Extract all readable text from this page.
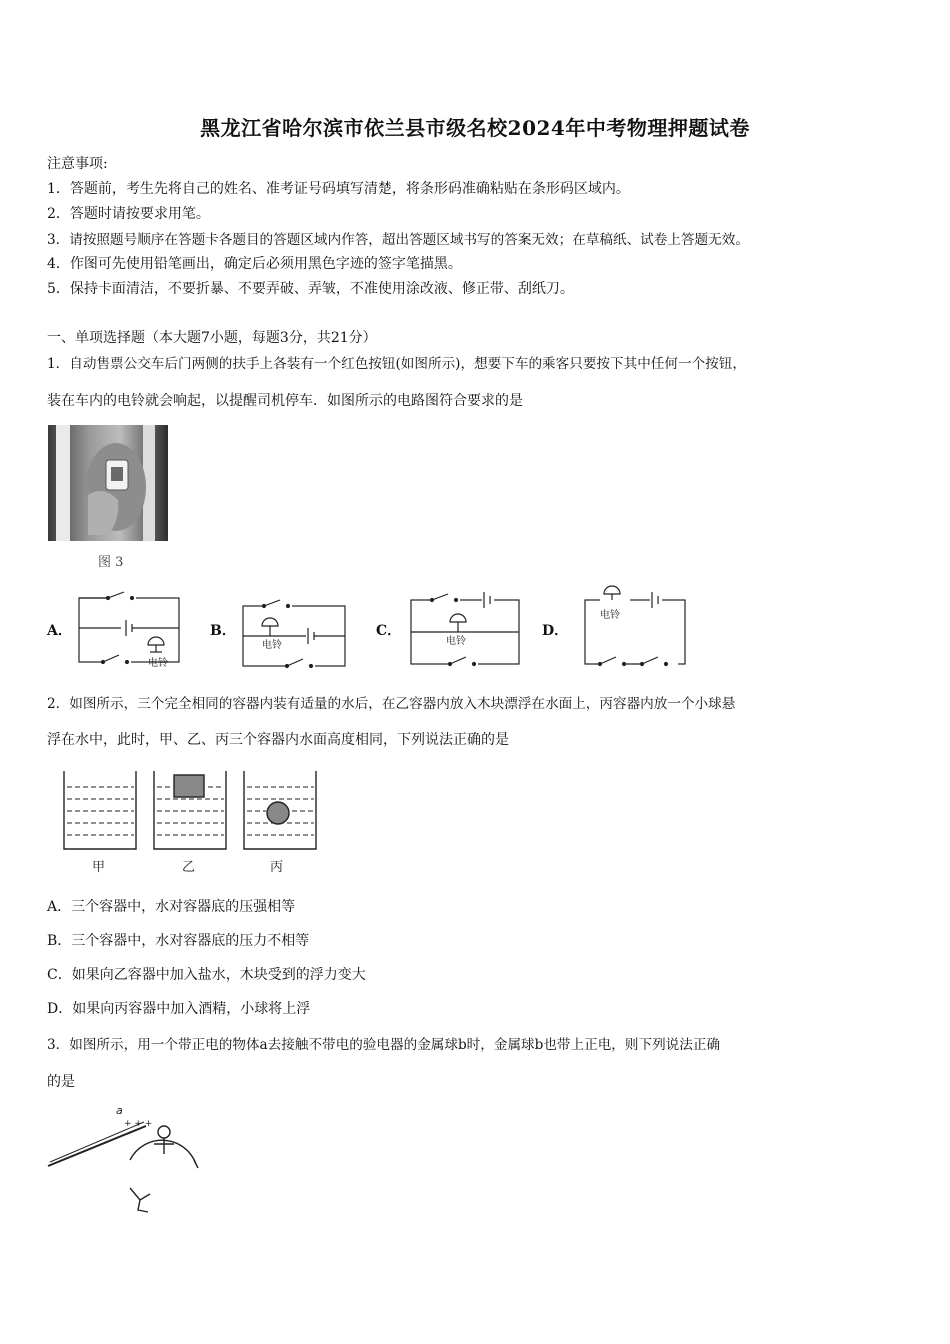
黑龙江省哈尔滨市依兰县市级名校2024年中考物理押题试卷
注意事项:
1．答题前，考生先将自己的姓名、准考证号码填写清楚，将条形码准确粘贴在条形码区域内。
2．答题时请按要求用笔。
3．请按照题号顺序在答题卡各题目的答题区域内作答，超出答题区域书写的答案无效；在草稿纸、试卷上答题无效。
4．作图可先使用铅笔画出，确定后必须用黑色字迹的签字笔描黑。
5．保持卡面清洁，不要折暴、不要弄破、弄皱，不准使用涂改液、修正带、刮纸刀。
一、单项选择题（本大题7小题，每题3分，共21分）
1．自动售票公交车后门两侧的扶手上各装有一个红色按钮(如图所示)，想要下车的乘客只要按下其中任何一个按钮，
装在车内的电铃就会响起，以提醒司机停车．如图所示的电路图符合要求的是
图 3
A．
电铃
B．
电铃
C．
电铃
D．
电铃
2．如图所示，三个完全相同的容器内装有适量的水后，在乙容器内放入木块漂浮在水面上，丙容器内放一个小球悬
浮在水中，此时，甲、乙、丙三个容器内水面高度相同，下列说法正确的是
甲	乙	丙
A．三个容器中，水对容器底的压强相等
B．三个容器中，水对容器底的压力不相等
C．如果向乙容器中加入盐水，木块受到的浮力变大
D．如果向丙容器中加入酒精，小球将上浮
3．如图所示，用一个带正电的物体a去接触不带电的验电器的金属球b时，金属球b也带上正电，则下列说法正确
的是
a
+ + +
